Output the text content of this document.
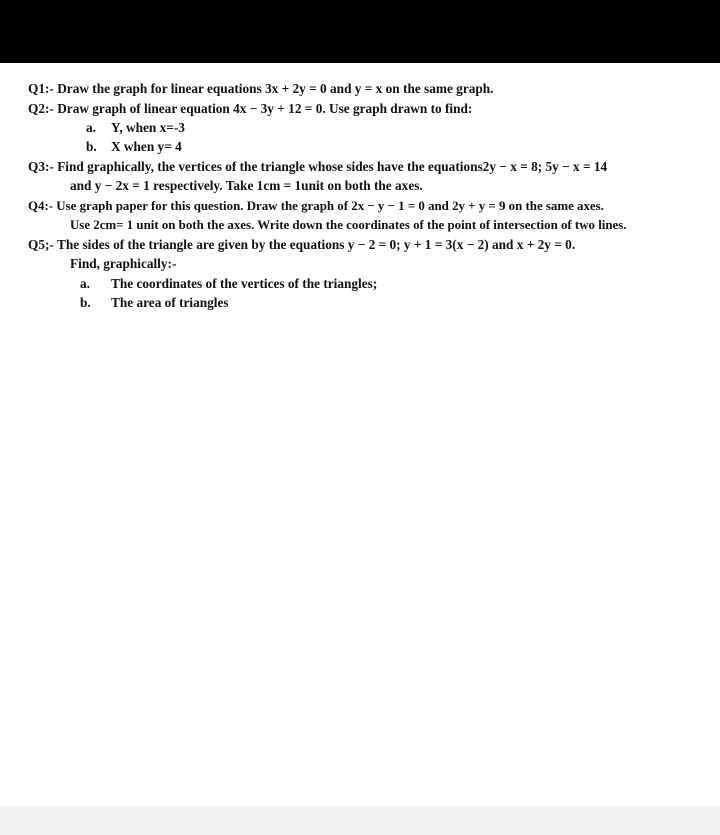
Q1:- Draw the graph for linear equations 3x + 2y = 0 and y = x on the same graph.
Q2:- Draw graph of linear equation 4x − 3y + 12 = 0. Use graph drawn to find:
a. Y, when x=-3
b. X when y= 4
Q3:- Find graphically, the vertices of the triangle whose sides have the equations2y − x = 8; 5y − x = 14
and y − 2x = 1 respectively. Take 1cm = 1unit on both the axes.
Q4:- Use graph paper for this question. Draw the graph of 2x − y − 1 = 0 and 2y + y = 9 on the same axes.
Use 2cm= 1 unit on both the axes. Write down the coordinates of the point of intersection of two lines.
Q5;- The sides of the triangle are given by the equations y − 2 = 0; y + 1 = 3(x − 2) and x + 2y = 0.
Find, graphically:-
a. The coordinates of the vertices of the triangles;
b. The area of triangles
